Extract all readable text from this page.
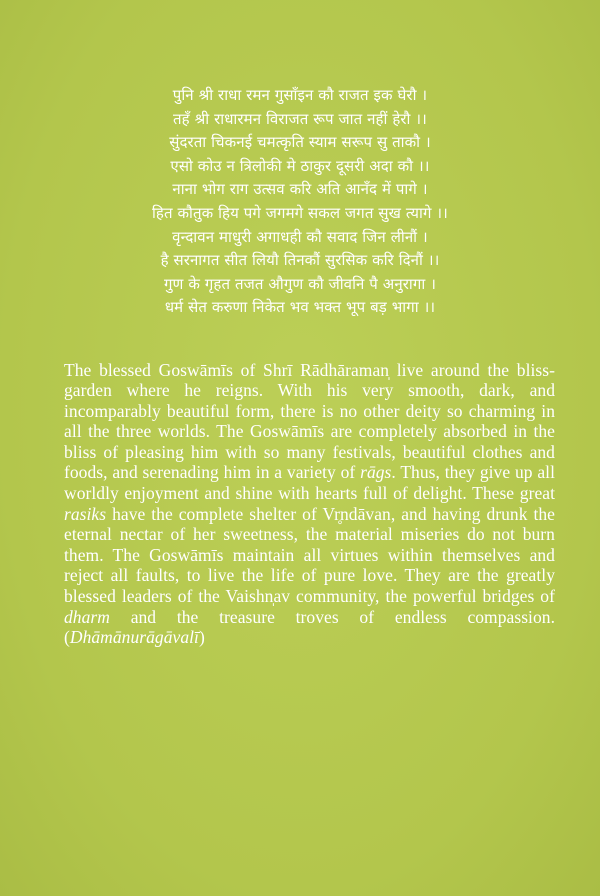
पुनि श्री राधा रमन गुसाँइन कौ राजत इक घेरौ ।
तहँ श्री राधारमन विराजत रूप जात नहीं हेरौ ।।
सुंदरता चिकनई चमत्कृति स्याम सरूप सु ताकौ ।
एसो कोउ न त्रिलोकी मे ठाकुर दूसरी अदा कौ ।।
नाना भोग राग उत्सव करि अति आनँद में पागे ।
हित कौतुक हिय पगे जगमगे सकल जगत सुख त्यागे ।।
वृन्दावन माधुरी अगाधही कौ सवाद जिन लीनौं ।
है सरनागत सीत लियौ तिनकौं सुरसिक करि दिनौं ।।
गुण के गृहत तजत औगुण कौ जीवनि पै अनुरागा ।
धर्म सेत करुणा निकेत भव भक्त भूप बड़ भागा ।।

The blessed Goswāmīs of Shrī Rādhāraman̩ live around the bliss-garden where he reigns. With his very smooth, dark, and incomparably beautiful form, there is no other deity so charming in all the three worlds. The Goswāmīs are completely absorbed in the bliss of pleasing him with so many festivals, beautiful clothes and foods, and serenading him in a variety of rāgs. Thus, they give up all worldly enjoyment and shine with hearts full of delight. These great rasiks have the complete shelter of Vr̥ndāvan, and having drunk the eternal nectar of her sweetness, the material miseries do not burn them. The Goswāmīs maintain all virtues within themselves and reject all faults, to live the life of pure love. They are the greatly blessed leaders of the Vaishn̩av community, the powerful bridges of dharm and the treasure troves of endless compassion. (Dhāmānurāgāvalī)
